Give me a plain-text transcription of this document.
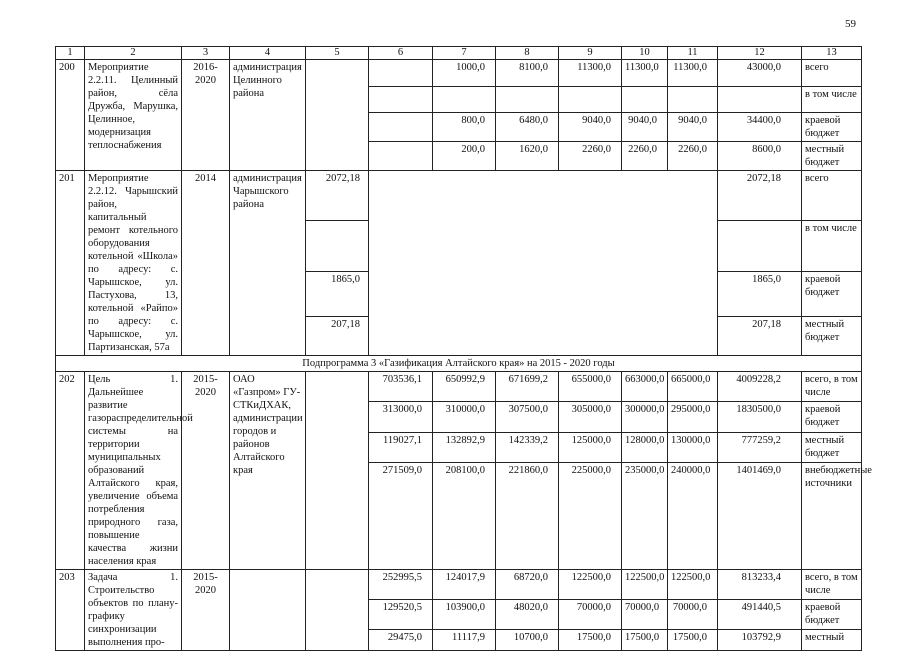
59
1	2	3	4	5	6	7	8	9	10	11	12	13
200	Мероприятие 2.2.11. Целинный район, сёла Дружба, Марушка, Целинное, модернизация теплоснабжения	2016-2020	администрация Целинного района			1000,0	8100,0	11300,0	11300,0	11300,0	43000,0	всего
												в том числе
						800,0	6480,0	9040,0	9040,0	9040,0	34400,0	краевой бюджет
						200,0	1620,0	2260,0	2260,0	2260,0	8600,0	местный бюджет
201	Мероприятие 2.2.12. Чарышский район, капитальный ремонт котельного оборудования котельной «Школа» по адресу: с. Чарышское, ул. Пастухова, 13, котельной «Райпо» по адресу: с. Чарышское, ул. Партизанская, 57а	2014	администрация Чарышского района	2072,18							2072,18	всего
												в том числе
				1865,0							1865,0	краевой бюджет
				207,18							207,18	местный бюджет
Подпрограмма 3 «Газификация Алтайского края» на 2015 - 2020 годы												
202	Цель 1. Дальнейшее развитие газораспределительной системы на территории муниципальных образований Алтайского края, увеличение объема потребления природного газа, повышение качества жизни населения края	2015-2020	ОАО «Газпром» ГУ-СТКиДХАК, администрации городов и районов Алтайского края		703536,1	650992,9	671699,2	655000,0	663000,0	665000,0	4009228,2	всего, в том числе
					313000,0	310000,0	307500,0	305000,0	300000,0	295000,0	1830500,0	краевой бюджет
					119027,1	132892,9	142339,2	125000,0	128000,0	130000,0	777259,2	местный бюджет
					271509,0	208100,0	221860,0	225000,0	235000,0	240000,0	1401469,0	внебюджетные источники
203	Задача 1. Строительство объектов по плану-графику синхронизации выполнения про-	2015-2020			252995,5	124017,9	68720,0	122500,0	122500,0	122500,0	813233,4	всего, в том числе
					129520,5	103900,0	48020,0	70000,0	70000,0	70000,0	491440,5	краевой бюджет
					29475,0	11117,9	10700,0	17500,0	17500,0	17500,0	103792,9	местный
